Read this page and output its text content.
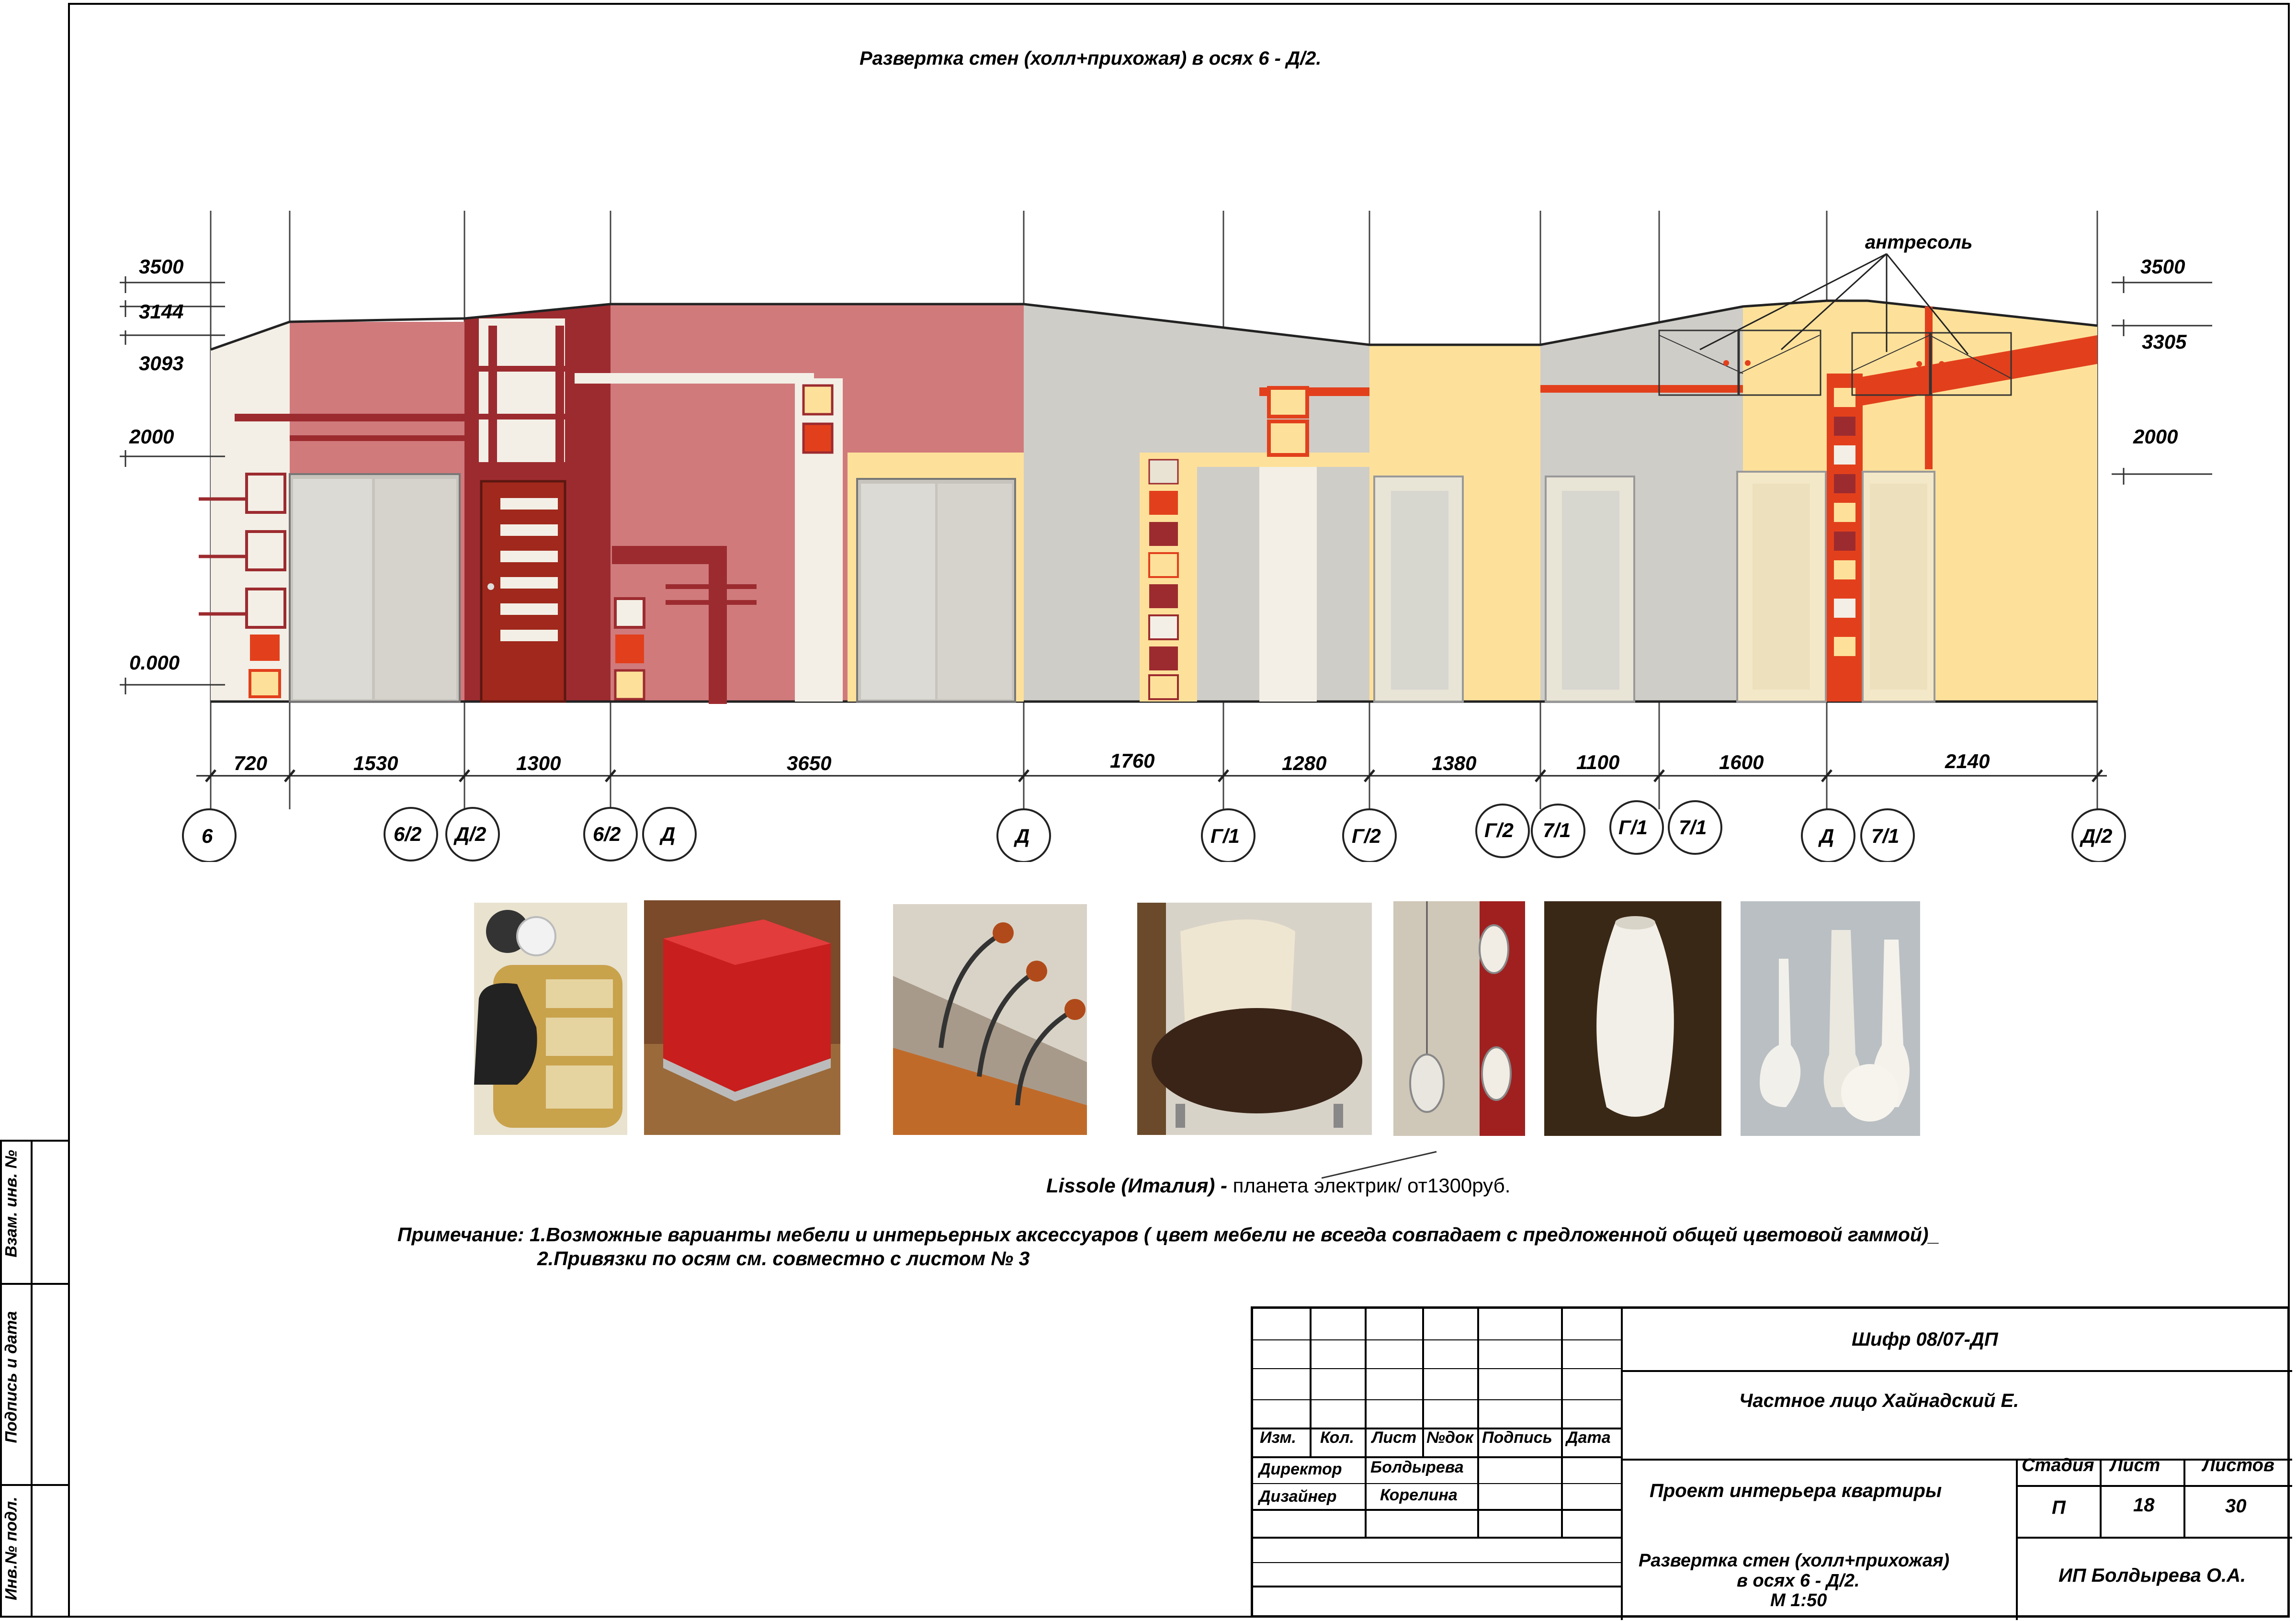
Развертка стен (холл+прихожая) в осях 6 - Д/2.
антресоль
3500
3144
3093
2000
0.000
3500
3305
2000
720	1530	1300	3650	1760	1280	1380	1100	1600	2140
6	6/2 Д/2	6/2 Д	Д	Г/1	Г/2	Г/2 7/1 Г/1 7/1	Д 7/1	Д/2
Lissole (Италия) - планета электрик/ от1300руб.
Примечание: 1.Возможные варианты мебели и интерьерных аксессуаров ( цвет мебели не всегда совпадает с предложенной общей цветовой гаммой)_
2.Привязки по осям см. совместно с листом № 3
Взам. инв. №
Подпись и дата
Инв.№ подл.
Изм. Кол. Лист №док Подпись Дата
Директор Болдырева
Дизайнер	Корелина
Шифр 08/07-ДП
Частное лицо Хайнадский Е.
Проект интерьера квартиры
Стадия Лист Листов
П	18	30
Развертка стен (холл+прихожая)
в осях 6 - Д/2.
М 1:50
ИП Болдырева О.А.
